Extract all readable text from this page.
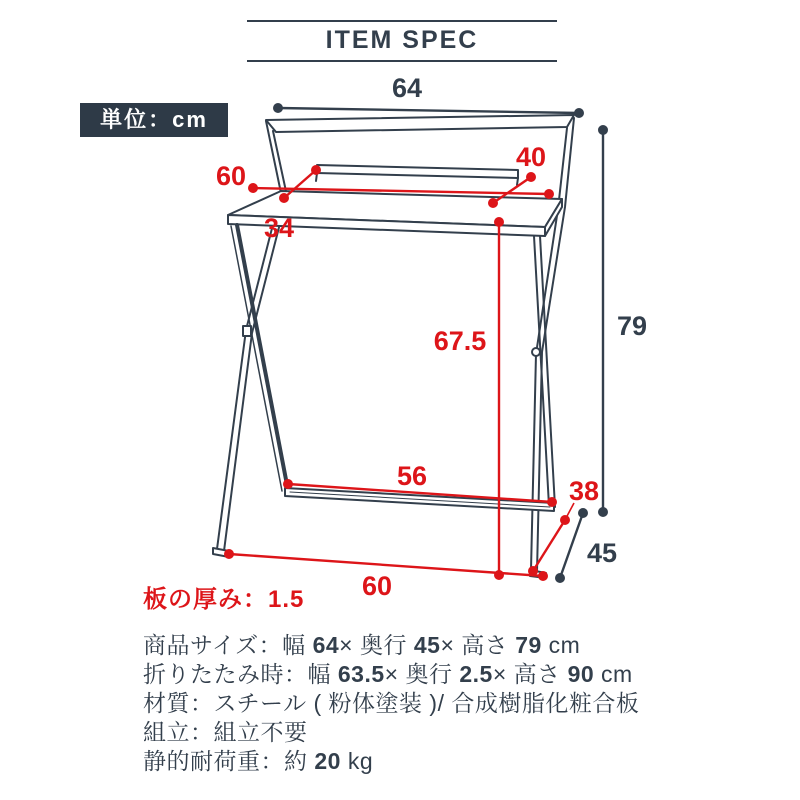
ITEM SPEC
単位：cm
64
79
45
60
34
40
67.5
56	38
60
板の厚み：1.5
商品サイズ：幅 64× 奥行 45× 高さ 79 cm
折りたたみ時：幅 63.5× 奥行 2.5× 高さ 90 cm
材質：スチール ( 粉体塗装 )/ 合成樹脂化粧合板
組立：組立不要
静的耐荷重：約 20 kg
